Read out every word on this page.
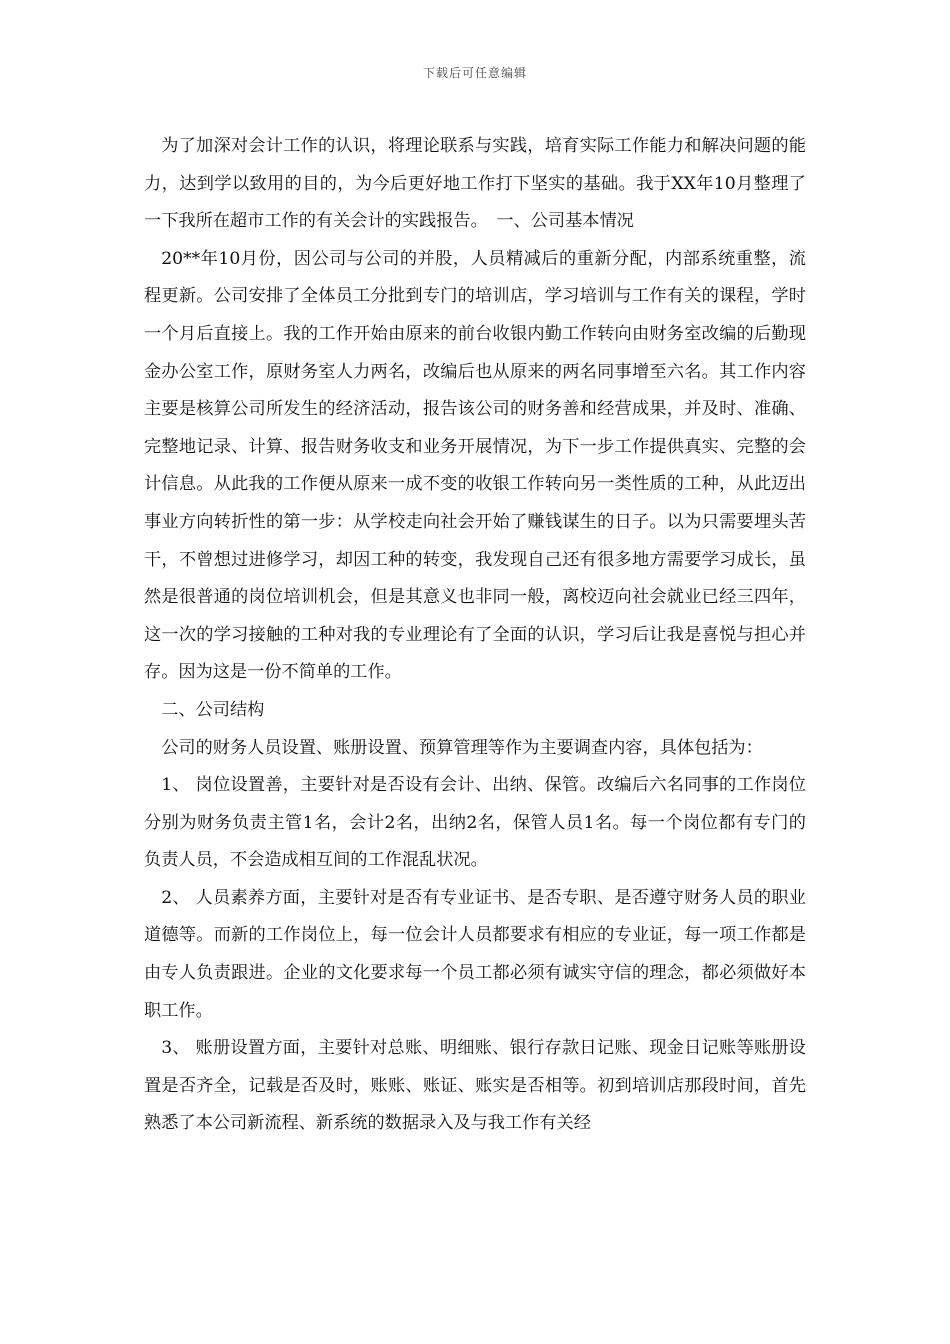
下载后可任意编辑

为了加深对会计工作的认识，将理论联系与实践，培育实际工作能力和解决问题的能力，达到学以致用的目的，为今后更好地工作打下坚实的基础。我于XX年10月整理了一下我所在超市工作的有关会计的实践报告。　一、公司基本情况

20**年10月份，因公司与公司的并股，人员精减后的重新分配，内部系统重整，流程更新。公司安排了全体员工分批到专门的培训店，学习培训与工作有关的课程，学时一个月后直接上。我的工作开始由原来的前台收银内勤工作转向由财务室改编的后勤现金办公室工作，原财务室人力两名，改编后也从原来的两名同事增至六名。其工作内容主要是核算公司所发生的经济活动，报告该公司的财务善和经营成果，并及时、准确、完整地记录、计算、报告财务收支和业务开展情况，为下一步工作提供真实、完整的会计信息。从此我的工作便从原来一成不变的收银工作转向另一类性质的工种，从此迈出事业方向转折性的第一步：从学校走向社会开始了赚钱谋生的日子。以为只需要埋头苦干，不曾想过进修学习，却因工种的转变，我发现自己还有很多地方需要学习成长，虽然是很普通的岗位培训机会，但是其意义也非同一般，离校迈向社会就业已经三四年，这一次的学习接触的工种对我的专业理论有了全面的认识，学习后让我是喜悦与担心并存。因为这是一份不简单的工作。

二、公司结构

公司的财务人员设置、账册设置、预算管理等作为主要调查内容，具体包括为：

1、 岗位设置善，主要针对是否设有会计、出纳、保管。改编后六名同事的工作岗位分别为财务负责主管1名，会计2名，出纳2名，保管人员1名。每一个岗位都有专门的负责人员，不会造成相互间的工作混乱状况。

2、 人员素养方面，主要针对是否有专业证书、是否专职、是否遵守财务人员的职业道德等。而新的工作岗位上，每一位会计人员都要求有相应的专业证，每一项工作都是由专人负责跟进。企业的文化要求每一个员工都必须有诚实守信的理念，都必须做好本职工作。

3、 账册设置方面，主要针对总账、明细账、银行存款日记账、现金日记账等账册设置是否齐全，记载是否及时，账账、账证、账实是否相等。初到培训店那段时间，首先熟悉了本公司新流程、新系统的数据录入及与我工作有关经
